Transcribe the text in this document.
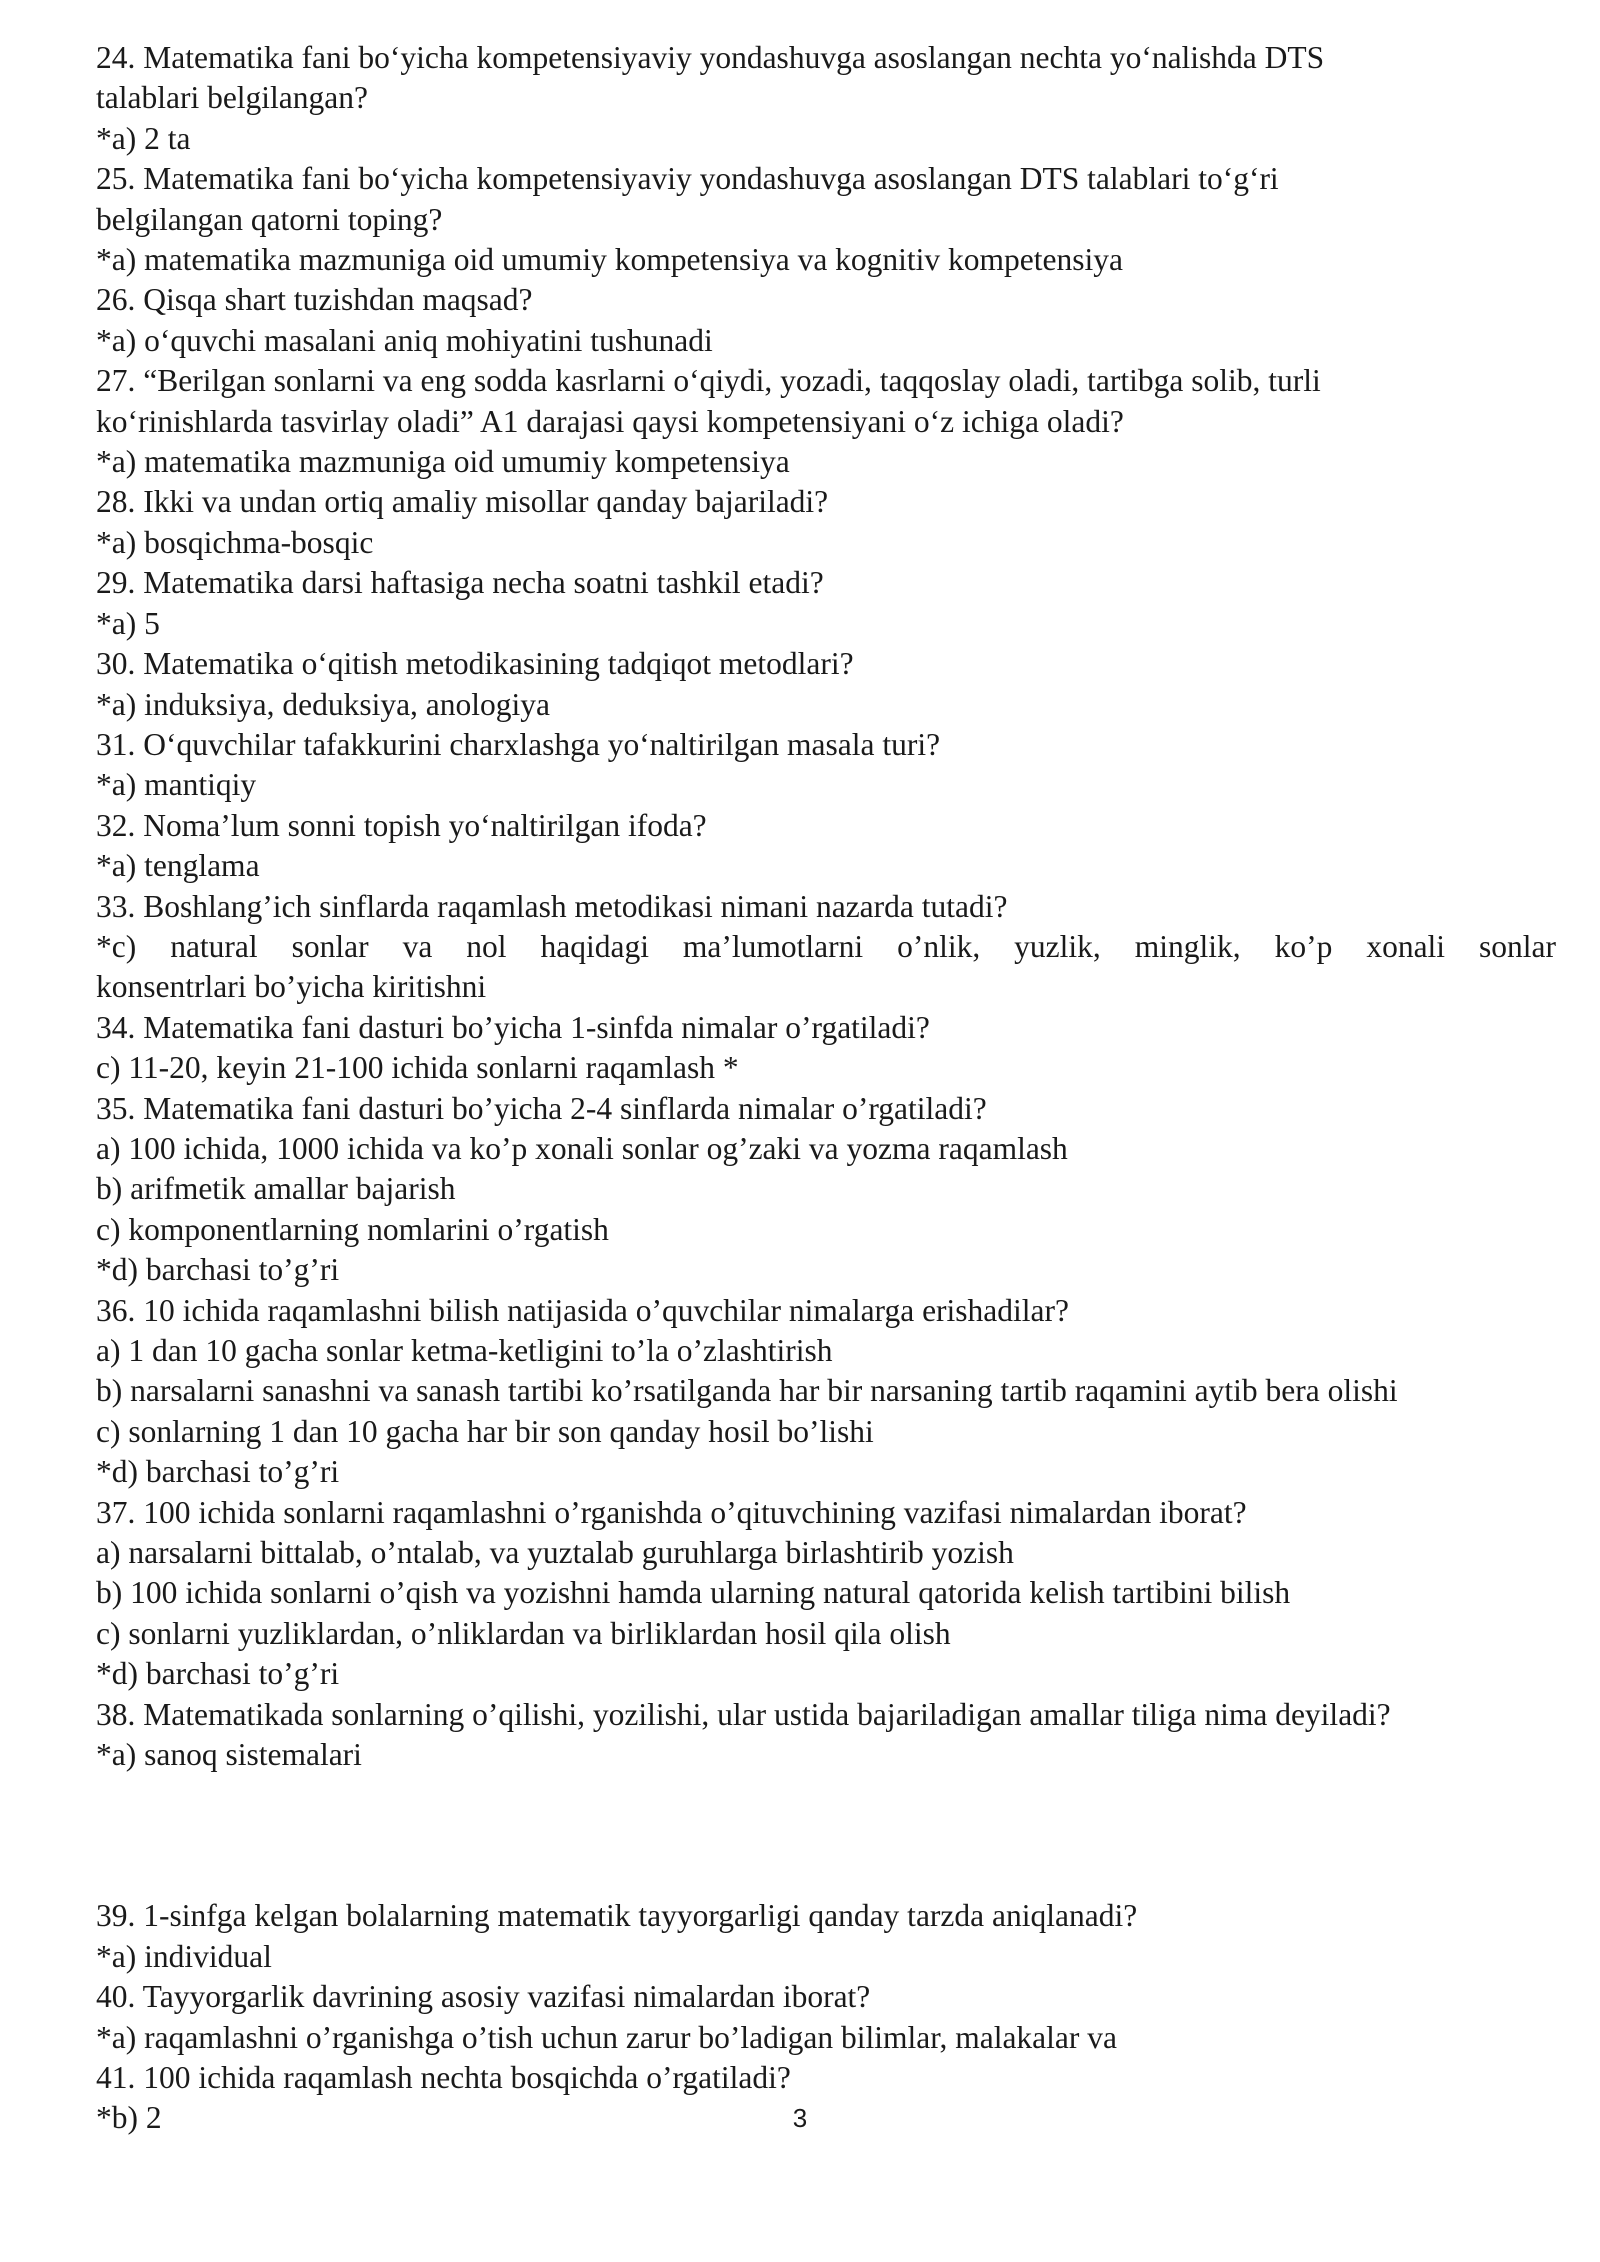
24. Matematika fani bo‘yicha kompetensiyaviy yondashuvga asoslangan nechta yo‘nalishda DTS
talablari belgilangan?
*a) 2 ta
25. Matematika fani bo‘yicha kompetensiyaviy yondashuvga asoslangan DTS talablari to‘g‘ri
belgilangan qatorni toping?
*a) matematika mazmuniga oid umumiy kompetensiya va kognitiv kompetensiya
26. Qisqa shart tuzishdan maqsad?
*a) o‘quvchi masalani aniq mohiyatini tushunadi
27. “Berilgan sonlarni va eng sodda kasrlarni o‘qiydi, yozadi, taqqoslay oladi, tartibga solib, turli
ko‘rinishlarda tasvirlay oladi” A1 darajasi qaysi kompetensiyani o‘z ichiga oladi?
*a) matematika mazmuniga oid umumiy kompetensiya
28. Ikki va undan ortiq amaliy misollar qanday bajariladi?
*a) bosqichma-bosqic
29. Matematika darsi haftasiga necha soatni tashkil etadi?
*a) 5
30. Matematika o‘qitish metodikasining tadqiqot metodlari?
*a) induksiya, deduksiya, anologiya
31. O‘quvchilar tafakkurini charxlashga yo‘naltirilgan masala turi?
*a) mantiqiy
32. Noma’lum sonni topish yo‘naltirilgan ifoda?
*a) tenglama
33. Boshlang’ich sinflarda raqamlash metodikasi nimani nazarda tutadi?
*c) natural sonlar va nol haqidagi ma’lumotlarni o’nlik, yuzlik, minglik, ko’p xonali sonlar
konsentrlari bo’yicha kiritishni
34. Matematika fani dasturi bo’yicha 1-sinfda nimalar o’rgatiladi?
c) 11-20, keyin 21-100 ichida sonlarni raqamlash *
35. Matematika fani dasturi bo’yicha 2-4 sinflarda nimalar o’rgatiladi?
a) 100 ichida, 1000 ichida va ko’p xonali sonlar og’zaki va yozma raqamlash
b) arifmetik amallar bajarish
c) komponentlarning nomlarini o’rgatish
*d) barchasi to’g’ri
36. 10 ichida raqamlashni bilish natijasida o’quvchilar nimalarga erishadilar?
a) 1 dan 10 gacha sonlar ketma-ketligini to’la o’zlashtirish
b) narsalarni sanashni va sanash tartibi ko’rsatilganda har bir narsaning tartib raqamini aytib bera olishi
c) sonlarning 1 dan 10 gacha har bir son qanday hosil bo’lishi
*d) barchasi to’g’ri
37. 100 ichida sonlarni raqamlashni o’rganishda o’qituvchining vazifasi nimalardan iborat?
a) narsalarni bittalab, o’ntalab, va yuztalab guruhlarga birlashtirib yozish
b) 100 ichida sonlarni o’qish va yozishni hamda ularning natural qatorida kelish tartibini bilish
c) sonlarni yuzliklardan, o’nliklardan va birliklardan hosil qila olish
*d) barchasi to’g’ri
38. Matematikada sonlarning o’qilishi, yozilishi, ular ustida bajariladigan amallar tiliga nima deyiladi?
*a) sanoq sistemalari
39. 1-sinfga kelgan bolalarning matematik tayyorgarligi qanday tarzda aniqlanadi?
*a) individual
40. Tayyorgarlik davrining asosiy vazifasi nimalardan iborat?
*a) raqamlashni o’rganishga o’tish uchun zarur bo’ladigan bilimlar, malakalar va
41. 100 ichida raqamlash nechta bosqichda o’rgatiladi?
*b) 2	3
